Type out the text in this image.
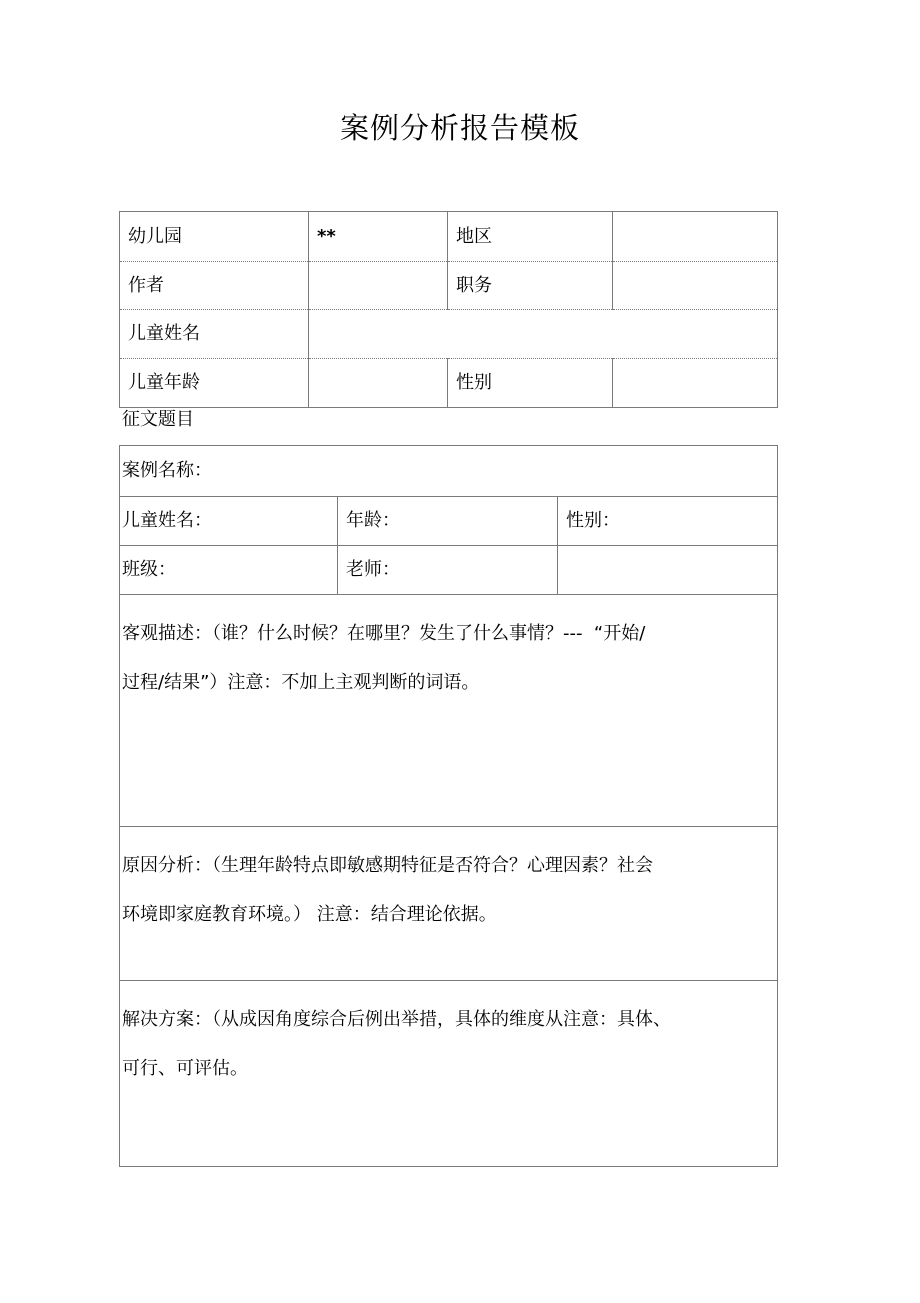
案例分析报告模板
幼儿园	**	地区	
作者		职务	
儿童姓名			
儿童年龄		性别	
征文题目
案例名称：		
儿童姓名：	年龄：	性别：
班级：	老师：	

客观描述：（谁？什么时候？在哪里？发生了什么事情？---  “开始/
过程/结果”）注意：不加上主观判断的词语。		

原因分析：（生理年龄特点即敏感期特征是否符合？心理因素？社会
环境即家庭教育环境。） 注意：结合理论依据。		

解决方案：（从成因角度综合后例出举措，具体的维度从注意：具体、
可行、可评估。		
